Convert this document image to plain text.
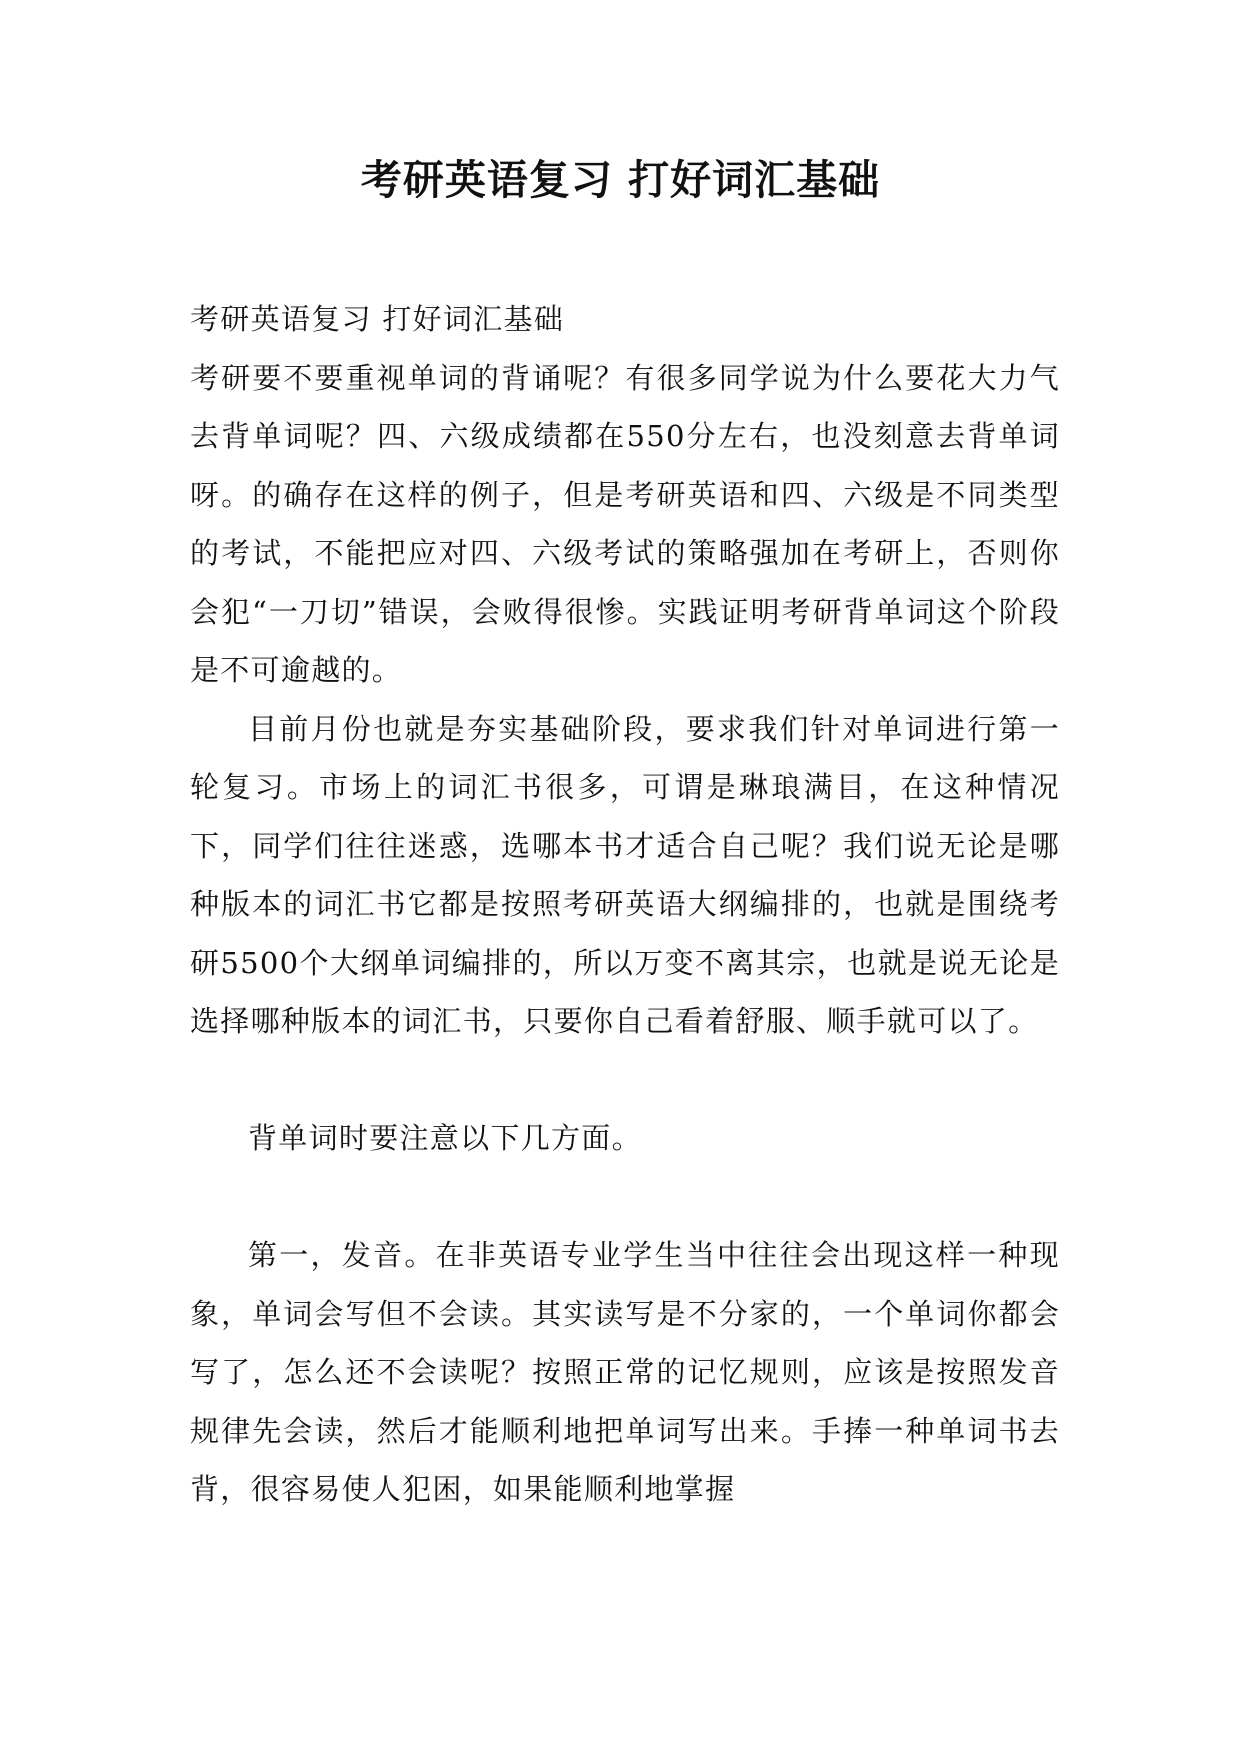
考研英语复习 打好词汇基础

考研英语复习 打好词汇基础

考研要不要重视单词的背诵呢？有很多同学说为什么要花大力气去背单词呢？四、六级成绩都在550分左右，也没刻意去背单词呀。的确存在这样的例子，但是考研英语和四、六级是不同类型的考试，不能把应对四、六级考试的策略强加在考研上，否则你会犯“一刀切”错误，会败得很惨。实践证明考研背单词这个阶段是不可逾越的。

目前月份也就是夯实基础阶段，要求我们针对单词进行第一轮复习。市场上的词汇书很多，可谓是琳琅满目，在这种情况下，同学们往往迷惑，选哪本书才适合自己呢？我们说无论是哪种版本的词汇书它都是按照考研英语大纲编排的，也就是围绕考研5500个大纲单词编排的，所以万变不离其宗，也就是说无论是选择哪种版本的词汇书，只要你自己看着舒服、顺手就可以了。

背单词时要注意以下几方面。

第一，发音。在非英语专业学生当中往往会出现这样一种现象，单词会写但不会读。其实读写是不分家的，一个单词你都会写了，怎么还不会读呢？按照正常的记忆规则，应该是按照发音规律先会读，然后才能顺利地把单词写出来。手捧一种单词书去背，很容易使人犯困，如果能顺利地掌握
